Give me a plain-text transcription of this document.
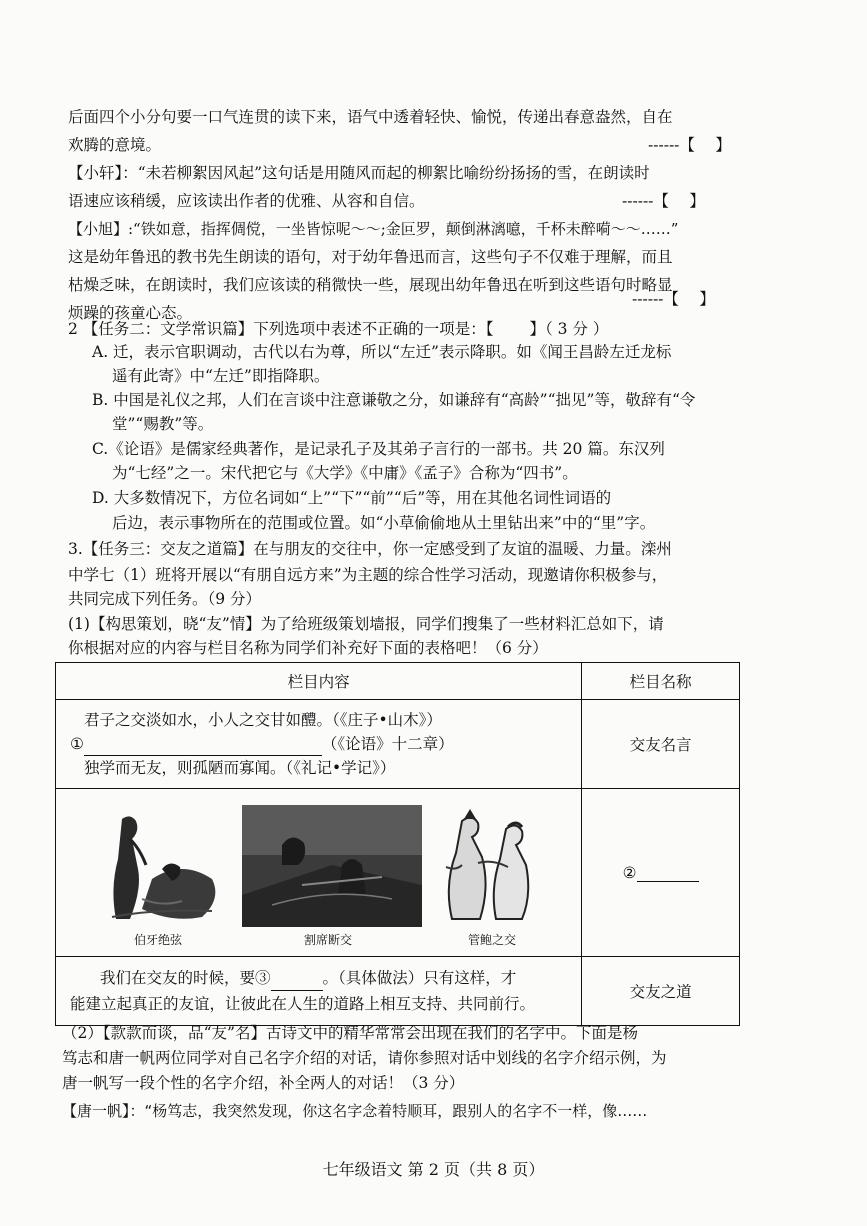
后面四个小分句要一口气连贯的读下来，语气中透着轻快、愉悦，传递出春意盎然，自在
欢腾的意境。	------【　 】
【小轩】：“未若柳絮因风起”这句话是用随风而起的柳絮比喻纷纷扬扬的雪，在朗读时
语速应该稍缓，应该读出作者的优雅、从容和自信。	------【　 】
【小旭】:“铁如意，指挥倜傥，一坐皆惊呢～～;金叵罗，颠倒淋漓噫，千杯未醉嗬～～……”
这是幼年鲁迅的教书先生朗读的语句，对于幼年鲁迅而言，这些句子不仅难于理解，而且
枯燥乏味，在朗读时，我们应该读的稍微快一些，展现出幼年鲁迅在听到这些语句时略显
烦躁的孩童心态。
------【　 】
2 【任务二：文学常识篇】下列选项中表述不正确的一项是：【　　 】（ 3 分 ）
A. 迁，表示官职调动，古代以右为尊，所以“左迁”表示降职。如《闻王昌龄左迁龙标
遥有此寄》中“左迁”即指降职。
B. 中国是礼仪之邦，人们在言谈中注意谦敬之分，如谦辞有“高龄”“拙见”等，敬辞有“令
堂”“赐教”等。
C.《论语》是儒家经典著作，是记录孔子及其弟子言行的一部书。共 20 篇。东汉列
为“七经”之一。宋代把它与《大学》《中庸》《孟子》合称为“四书”。
D. 大多数情况下，方位名词如“上”“下”“前”“后”等，用在其他名词性词语的
后边，表示事物所在的范围或位置。如“小草偷偷地从土里钻出来”中的“里”字。
3.【任务三：交友之道篇】在与朋友的交往中，你一定感受到了友谊的温暖、力量。滦州
中学七（1）班将开展以“有朋自远方来”为主题的综合性学习活动，现邀请你积极参与，
共同完成下列任务。（9 分）
(1)【构思策划，晓“友”情】为了给班级策划墙报，同学们搜集了一些材料汇总如下，请
你根据对应的内容与栏目名称为同学们补充好下面的表格吧！（6 分）
栏目内容	栏目名称

君子之交淡如水，小人之交甘如醴。（《庄子•山木》）
① （《论语》十二章）
独学而无友，则孤陋而寡闻。（《礼记•学记》）	交友名言

伯牙绝弦 割席断交 管鲍之交	②

我们在交友的时候，要③ 。（具体做法）只有这样，才
能建立起真正的友谊，让彼此在人生的道路上相互支持、共同前行。	交友之道
（2）【款款而谈，品“友”名】古诗文中的精华常常会出现在我们的名字中。下面是杨
笃志和唐一帆两位同学对自己名字介绍的对话，请你参照对话中划线的名字介绍示例，为
唐一帆写一段个性的名字介绍，补全两人的对话！（3 分）
【唐一帆】：“杨笃志，我突然发现，你这名字念着特顺耳，跟别人的名字不一样，像……
七年级语文 第 2 页（共 8 页）
